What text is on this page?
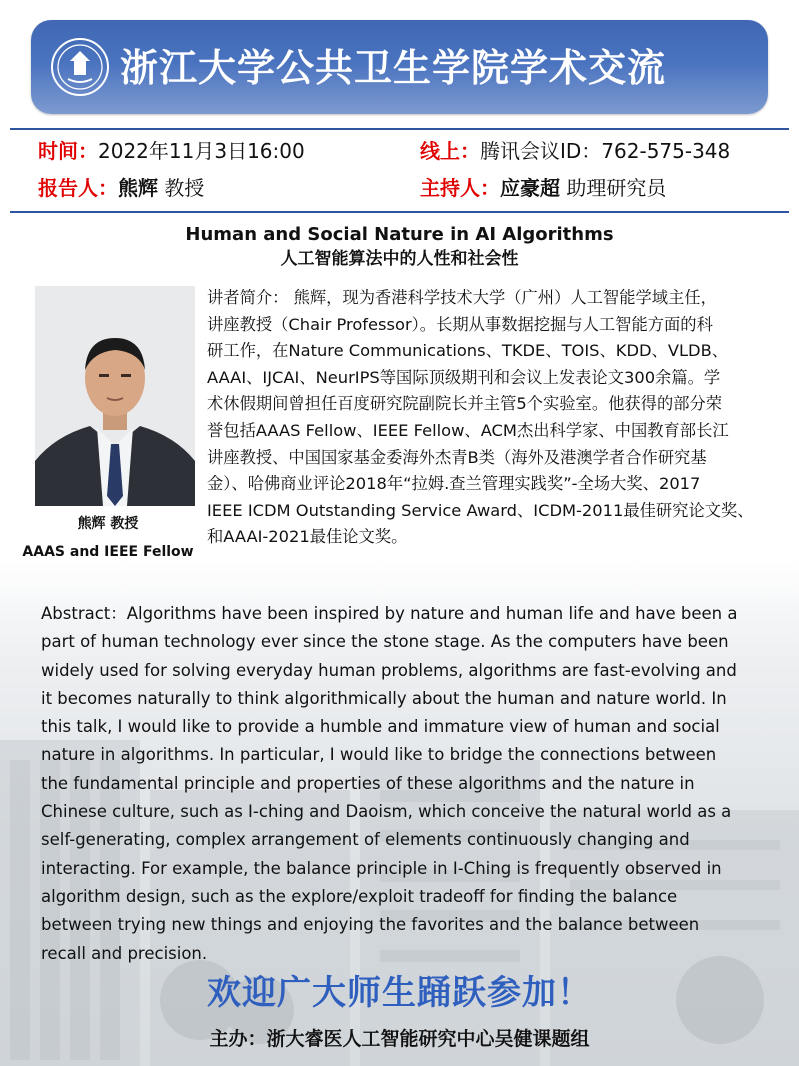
浙江大学公共卫生学院学术交流
时间：2022年11月3日16:00	线上：腾讯会议ID：762-575-348
报告人：熊辉 教授	主持人：应豪超 助理研究员
Human and Social Nature in AI Algorithms
人工智能算法中的人性和社会性
熊辉 教授
AAAS and IEEE Fellow
讲者简介： 熊辉，现为香港科学技术大学（广州）人工智能学域主任，
讲座教授（Chair Professor）。长期从事数据挖掘与人工智能方面的科
研工作，在Nature Communications、TKDE、TOIS、KDD、VLDB、
AAAI、IJCAI、NeurIPS等国际顶级期刊和会议上发表论文300余篇。学
术休假期间曾担任百度研究院副院长并主管5个实验室。他获得的部分荣
誉包括AAAS Fellow、IEEE Fellow、ACM杰出科学家、中国教育部长江
讲座教授、中国国家基金委海外杰青B类（海外及港澳学者合作研究基
金）、哈佛商业评论2018年“拉姆.查兰管理实践奖”-全场大奖、2017
IEEE ICDM Outstanding Service Award、ICDM-2011最佳研究论文奖、
和AAAI-2021最佳论文奖。
Abstract：Algorithms have been inspired by nature and human life and have been a
part of human technology ever since the stone stage. As the computers have been
widely used for solving everyday human problems, algorithms are fast-evolving and
it becomes naturally to think algorithmically about the human and nature world. In
this talk, I would like to provide a humble and immature view of human and social
nature in algorithms. In particular, I would like to bridge the connections between
the fundamental principle and properties of these algorithms and the nature in
Chinese culture, such as I-ching and Daoism, which conceive the natural world as a
self-generating, complex arrangement of elements continuously changing and
interacting. For example, the balance principle in I-Ching is frequently observed in
algorithm design, such as the explore/exploit tradeoff for finding the balance
between trying new things and enjoying the favorites and the balance between
recall and precision.
欢迎广大师生踊跃参加！
主办：浙大睿医人工智能研究中心吴健课题组
